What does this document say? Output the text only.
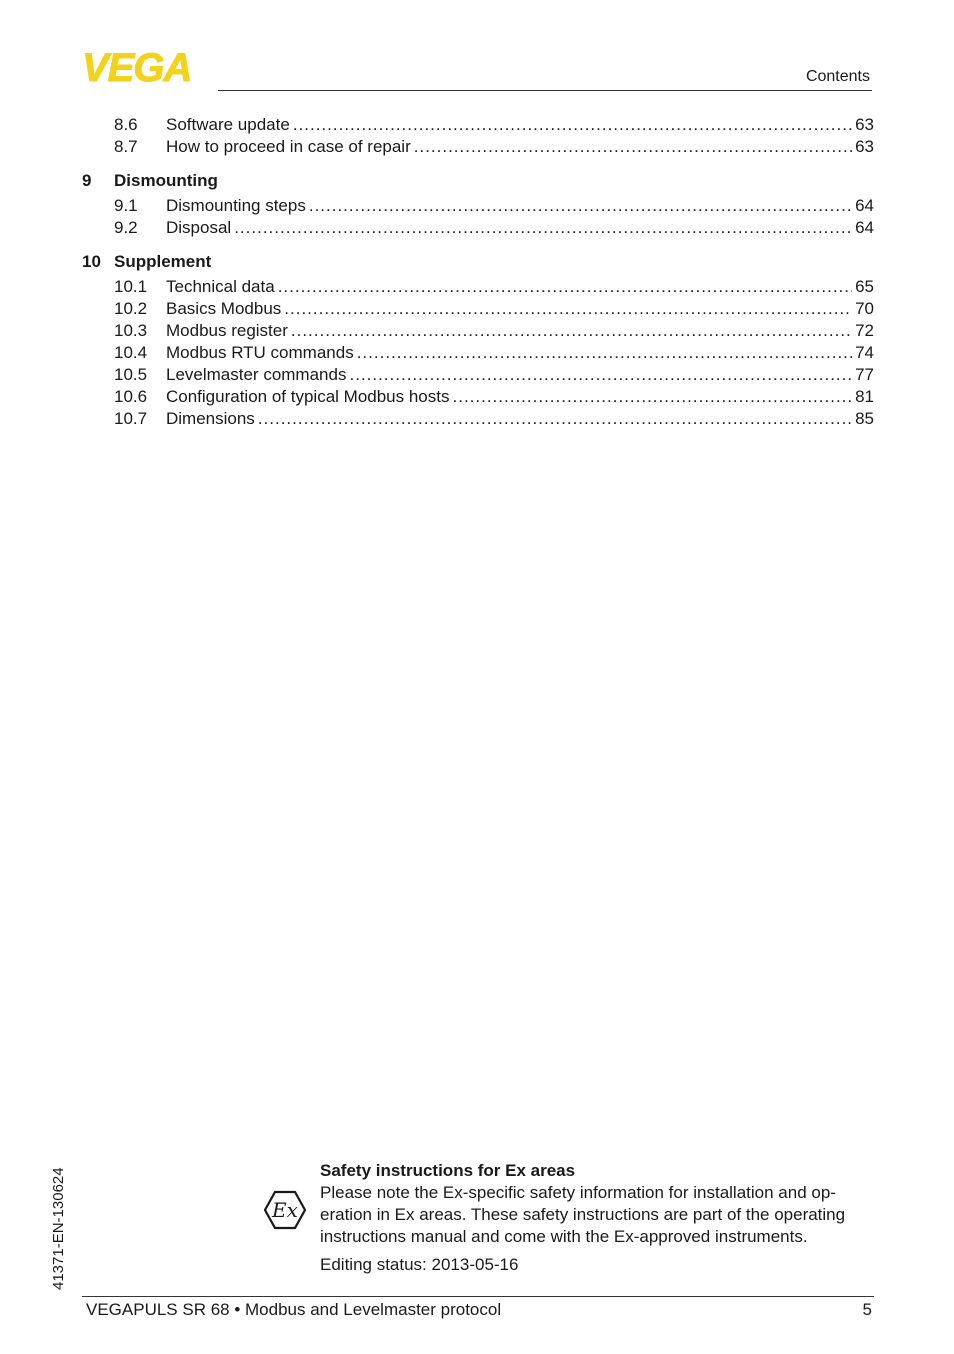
VEGA	Contents
8.6	Software update .....	63
8.7	How to proceed in case of repair .....	63
9 Dismounting
9.1	Dismounting steps .....	64
9.2	Disposal .....	64
10 Supplement
10.1	Technical data .....	65
10.2	Basics Modbus .....	70
10.3	Modbus register .....	72
10.4	Modbus RTU commands .....	74
10.5	Levelmaster commands .....	77
10.6	Configuration of typical Modbus hosts .....	81
10.7	Dimensions .....	85
41371-EN-130624	Ex
Safety instructions for Ex areas

Please note the Ex-specific safety information for installation and op-eration in Ex areas. These safety instructions are part of the operating instructions manual and come with the Ex-approved instruments.

Editing status: 2013-05-16
VEGAPULS SR 68 • Modbus and Levelmaster protocol	5
